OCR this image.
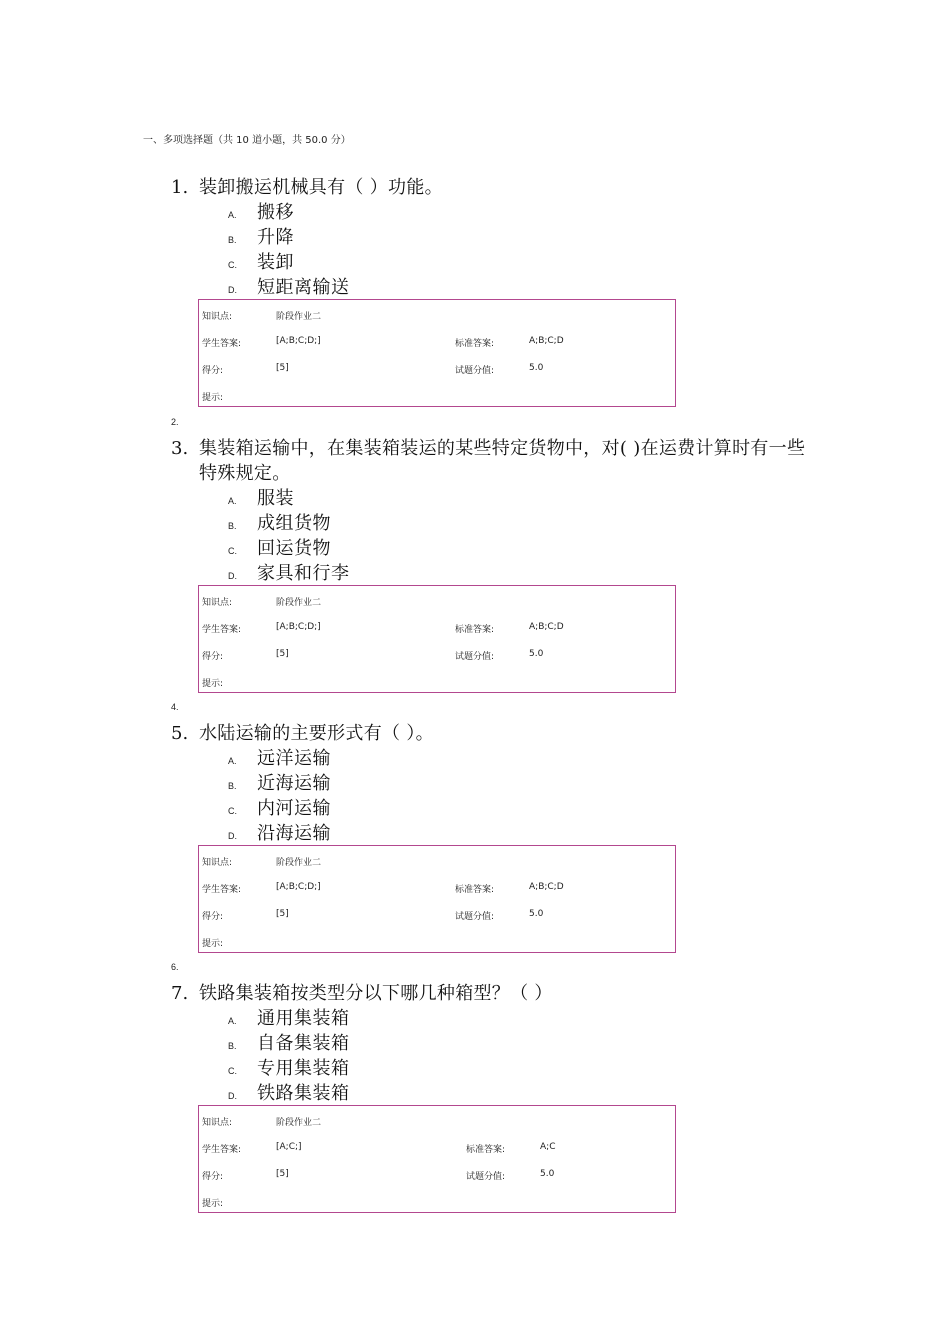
一、多项选择题（共 10 道小题，共 50.0 分）
1. 装卸搬运机械具有（ ）功能。
A. 搬移
B. 升降
C. 装卸
D. 短距离输送
知识点:	阶段作业二
学生答案:	[A;B;C;D;]	标准答案:	A;B;C;D
得分:	[5]	试题分值:	5.0
提示:
2.
3. 集装箱运输中，在集装箱装运的某些特定货物中，对( )在运费计算时有一些特殊规定。
A. 服装
B. 成组货物
C. 回运货物
D. 家具和行李
知识点:	阶段作业二
学生答案:	[A;B;C;D;]	标准答案:	A;B;C;D
得分:	[5]	试题分值:	5.0
提示:
4.
5. 水陆运输的主要形式有（ ）。
A. 远洋运输
B. 近海运输
C. 内河运输
D. 沿海运输
知识点:	阶段作业二
学生答案:	[A;B;C;D;]	标准答案:	A;B;C;D
得分:	[5]	试题分值:	5.0
提示:
6.
7. 铁路集装箱按类型分以下哪几种箱型？（ ）
A. 通用集装箱
B. 自备集装箱
C. 专用集装箱
D. 铁路集装箱
知识点:	阶段作业二
学生答案:	[A;C;]	标准答案:	A;C
得分:	[5]	试题分值:	5.0
提示:
